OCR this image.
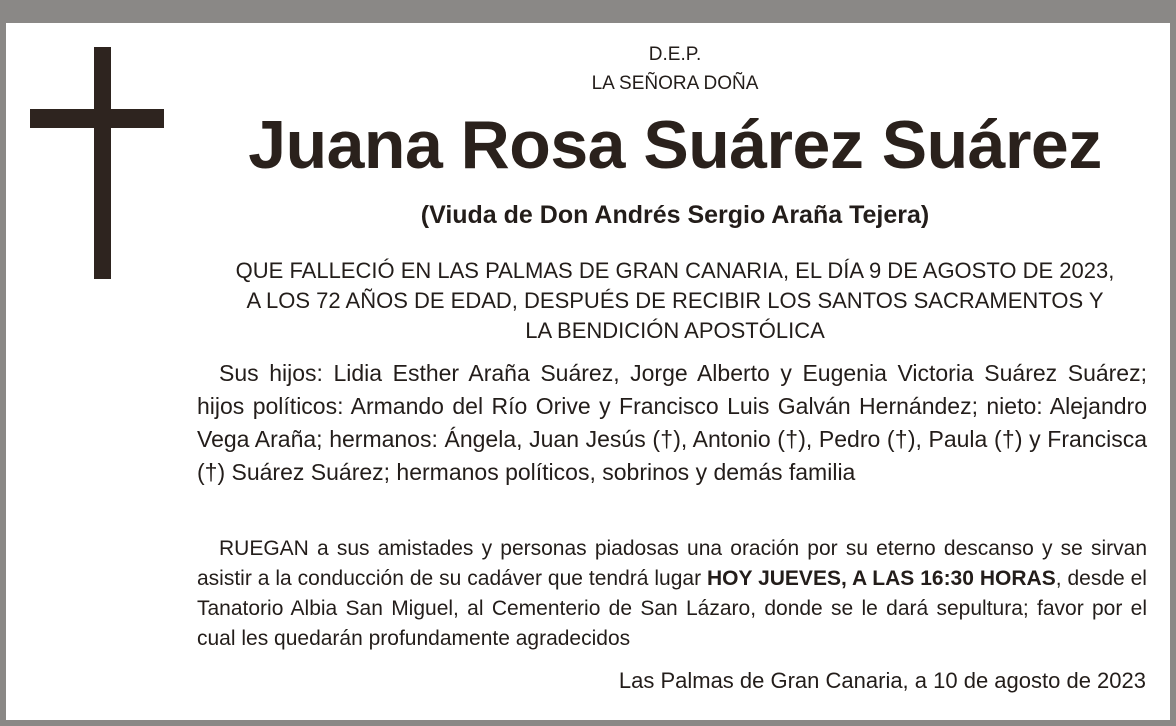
D.E.P.
LA SEÑORA DOÑA
Juana Rosa Suárez Suárez
(Viuda de Don Andrés Sergio Araña Tejera)
QUE FALLECIÓ EN LAS PALMAS DE GRAN CANARIA, EL DÍA 9 DE AGOSTO DE 2023,
A LOS 72 AÑOS DE EDAD, DESPUÉS DE RECIBIR LOS SANTOS SACRAMENTOS Y
LA BENDICIÓN APOSTÓLICA
Sus hijos: Lidia Esther Araña Suárez, Jorge Alberto y Eugenia Victoria Suárez Suárez; hijos políticos: Armando del Río Orive y Francisco Luis Galván Hernández; nieto: Alejandro Vega Araña; hermanos: Ángela, Juan Jesús (†), Antonio (†), Pedro (†), Paula (†) y Francisca (†) Suárez Suárez; hermanos políticos, sobrinos y demás familia
RUEGAN a sus amistades y personas piadosas una oración por su eterno descanso y se sirvan asistir a la conducción de su cadáver que tendrá lugar HOY JUEVES, A LAS 16:30 HORAS, desde el Tanatorio Albia San Miguel, al Cementerio de San Lázaro, donde se le dará sepultura; favor por el cual les quedarán profundamente agradecidos
Las Palmas de Gran Canaria, a 10 de agosto de 2023
